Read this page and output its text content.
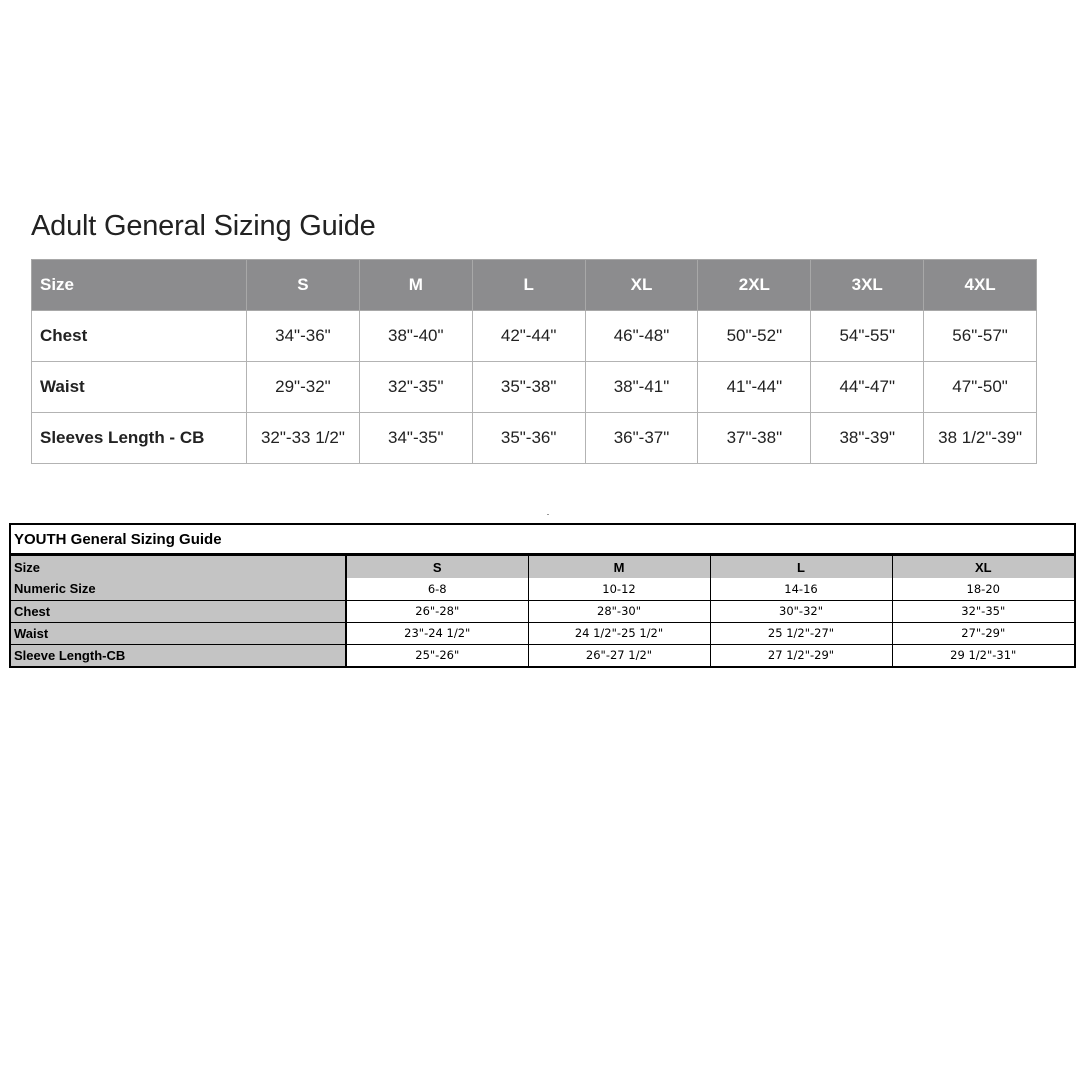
Adult General Sizing Guide
Size	S	M	L	XL	2XL	3XL	4XL
Chest	34"-36"	38"-40"	42"-44"	46"-48"	50"-52"	54"-55"	56"-57"
Waist	29"-32"	32"-35"	35"-38"	38"-41"	41"-44"	44"-47"	47"-50"
Sleeves Length - CB	32"-33 1/2"	34"-35"	35"-36"	36"-37"	37"-38"	38"-39"	38 1/2"-39"
YOUTH General Sizing Guide
Size	S	M	L	XL
Numeric Size	6-8	10-12	14-16	18-20
Chest	26"-28"	28"-30"	30"-32"	32"-35"
Waist	23"-24 1/2"	24 1/2"-25 1/2"	25 1/2"-27"	27"-29"
Sleeve Length-CB	25"-26"	26"-27 1/2"	27 1/2"-29"	29 1/2"-31"
